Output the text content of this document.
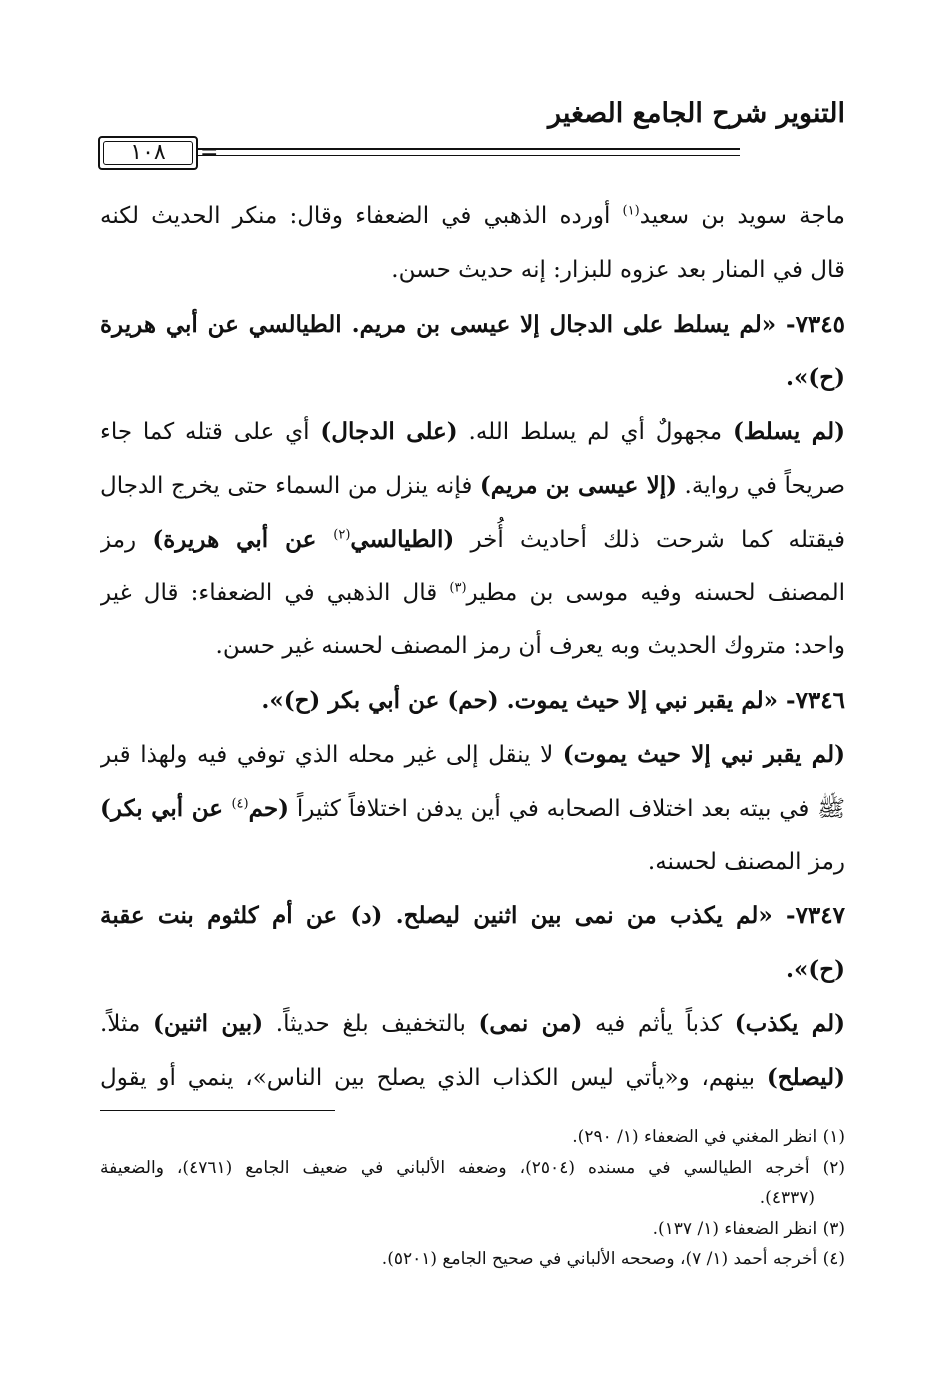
التنوير شرح الجامع الصغير
١٠٨	=
ماجة سويد بن سعيد$^{(١)}$ أورده الذهبي في الضعفاء وقال: منكر الحديث لكنه
قال في المنار بعد عزوه للبزار: إنه حديث حسن.
٧٣٤٥- «لم يسلط على الدجال إلا عيسى بن مريم. الطيالسي عن أبي هريرة
(ح)».
(لم يسلط) مجهولٌ أي لم يسلط الله. (على الدجال) أي على قتله كما جاء
صريحاً في رواية. (إلا عيسى بن مريم) فإنه ينزل من السماء حتى يخرج الدجال
فيقتله كما شرحت ذلك أحاديث أُخر (الطيالسي$^{(٢)}$ عن أبي هريرة) رمز
المصنف لحسنه وفيه موسى بن مطير$^{(٣)}$ قال الذهبي في الضعفاء: قال غير
واحد: متروك الحديث وبه يعرف أن رمز المصنف لحسنه غير حسن.
٧٣٤٦- «لم يقبر نبي إلا حيث يموت. (حم) عن أبي بكر (ح)».
(لم يقبر نبي إلا حيث يموت) لا ينقل إلى غير محله الذي توفي فيه ولهذا قبر
ﷺ في بيته بعد اختلاف الصحابه في أين يدفن اختلافاً كثيراً (حم$^{(٤)}$ عن أبي بكر)
رمز المصنف لحسنه.
٧٣٤٧- «لم يكذب من نمى بين اثنين ليصلح. (د) عن أم كلثوم بنت عقبة
(ح)».
(لم يكذب) كذباً يأثم فيه (من نمى) بالتخفيف بلغ حديثاً. (بين اثنين) مثلاً.
(ليصلح) بينهم، و«يأتي ليس الكذاب الذي يصلح بين الناس»، ينمي أو يقول
(١) انظر المغني في الضعفاء (١/ ٢٩٠).
(٢) أخرجه الطيالسي في مسنده (٢٥٠٤)، وضعفه الألباني في ضعيف الجامع (٤٧٦١)، والضعيفة
(٤٣٣٧).
(٣) انظر الضعفاء (١/ ١٣٧).
(٤) أخرجه أحمد (١/ ٧)، وصححه الألباني في صحيح الجامع (٥٢٠١).
